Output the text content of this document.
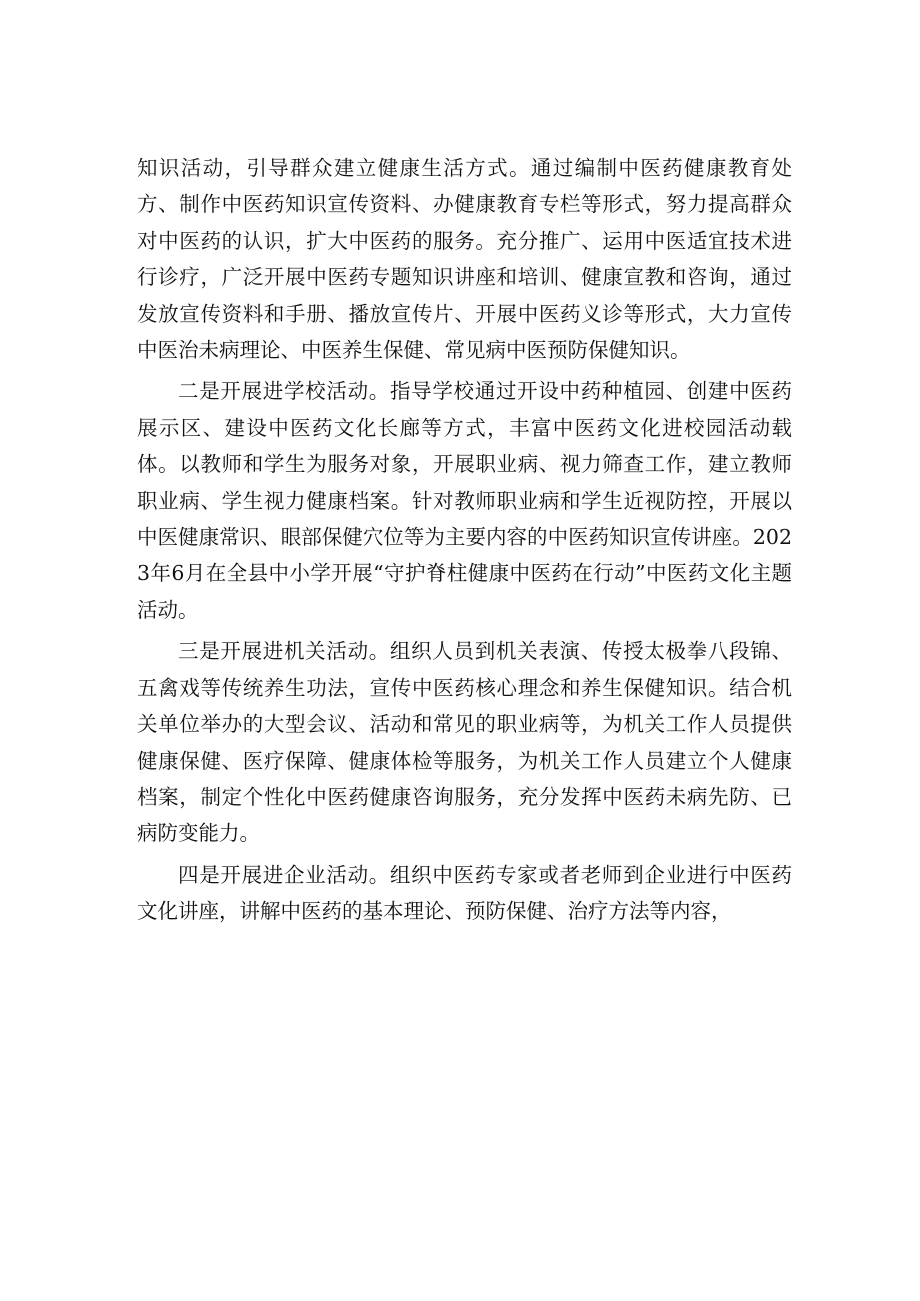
知识活动，引导群众建立健康生活方式。通过编制中医药健康教育处方、制作中医药知识宣传资料、办健康教育专栏等形式，努力提高群众对中医药的认识，扩大中医药的服务。充分推广、运用中医适宜技术进行诊疗，广泛开展中医药专题知识讲座和培训、健康宣教和咨询，通过发放宣传资料和手册、播放宣传片、开展中医药义诊等形式，大力宣传中医治未病理论、中医养生保健、常见病中医预防保健知识。

二是开展进学校活动。指导学校通过开设中药种植园、创建中医药展示区、建设中医药文化长廊等方式，丰富中医药文化进校园活动载体。以教师和学生为服务对象，开展职业病、视力筛查工作，建立教师职业病、学生视力健康档案。针对教师职业病和学生近视防控，开展以中医健康常识、眼部保健穴位等为主要内容的中医药知识宣传讲座。2023年6月在全县中小学开展“守护脊柱健康中医药在行动”中医药文化主题活动。

三是开展进机关活动。组织人员到机关表演、传授太极拳八段锦、五禽戏等传统养生功法，宣传中医药核心理念和养生保健知识。结合机关单位举办的大型会议、活动和常见的职业病等，为机关工作人员提供健康保健、医疗保障、健康体检等服务，为机关工作人员建立个人健康档案，制定个性化中医药健康咨询服务，充分发挥中医药未病先防、已病防变能力。

四是开展进企业活动。组织中医药专家或者老师到企业进行中医药文化讲座，讲解中医药的基本理论、预防保健、治疗方法等内容，
